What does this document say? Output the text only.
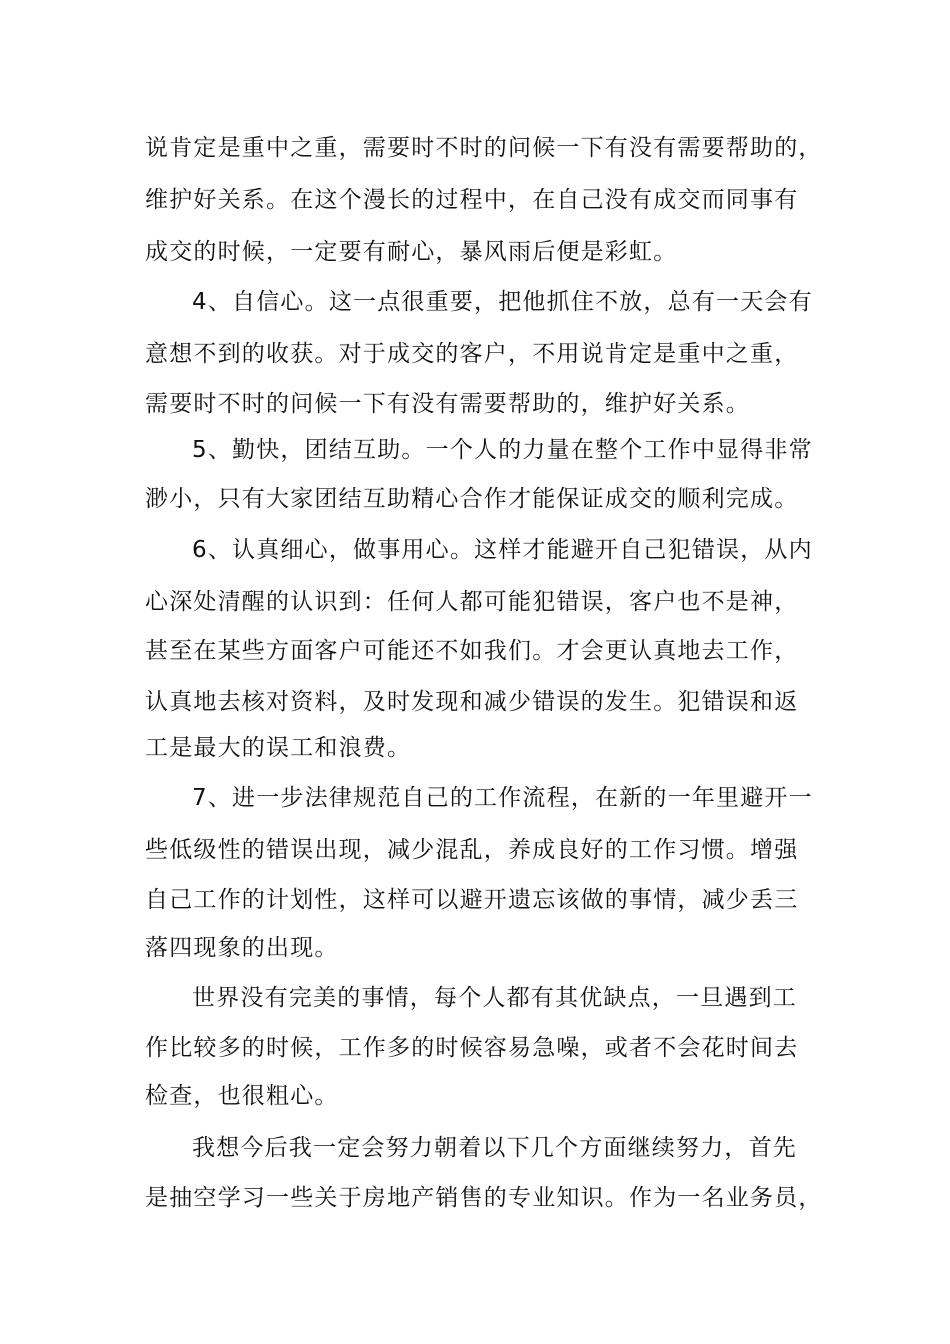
说肯定是重中之重，需要时不时的问候一下有没有需要帮助的，
维护好关系。在这个漫长的过程中，在自己没有成交而同事有
成交的时候，一定要有耐心，暴风雨后便是彩虹。
4、自信心。这一点很重要，把他抓住不放，总有一天会有
意想不到的收获。对于成交的客户，不用说肯定是重中之重，
需要时不时的问候一下有没有需要帮助的，维护好关系。
5、勤快，团结互助。一个人的力量在整个工作中显得非常
渺小，只有大家团结互助精心合作才能保证成交的顺利完成。
6、认真细心，做事用心。这样才能避开自己犯错误，从内
心深处清醒的认识到：任何人都可能犯错误，客户也不是神，
甚至在某些方面客户可能还不如我们。才会更认真地去工作，
认真地去核对资料，及时发现和减少错误的发生。犯错误和返
工是最大的误工和浪费。
7、进一步法律规范自己的工作流程，在新的一年里避开一
些低级性的错误出现，减少混乱，养成良好的工作习惯。增强
自己工作的计划性，这样可以避开遗忘该做的事情，减少丢三
落四现象的出现。
世界没有完美的事情，每个人都有其优缺点，一旦遇到工
作比较多的时候，工作多的时候容易急噪，或者不会花时间去
检查，也很粗心。
我想今后我一定会努力朝着以下几个方面继续努力，首先
是抽空学习一些关于房地产销售的专业知识。作为一名业务员，
